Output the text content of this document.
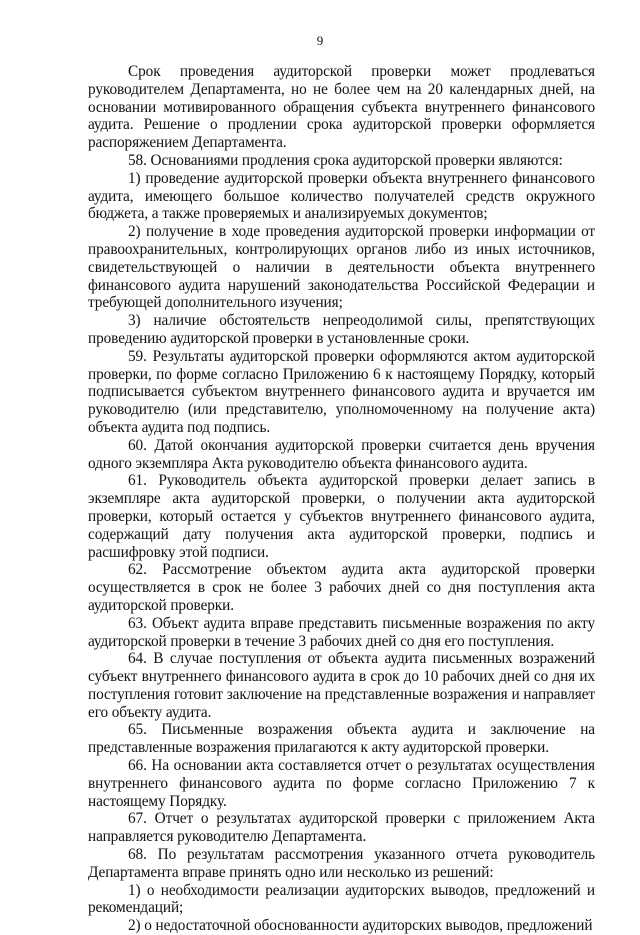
9

Срок проведения аудиторской проверки может продлеваться руководителем Департамента, но не более чем на 20 календарных дней, на основании мотивированного обращения субъекта внутреннего финансового аудита. Решение о продлении срока аудиторской проверки оформляется распоряжением Департамента.

58. Основаниями продления срока аудиторской проверки являются:

1) проведение аудиторской проверки объекта внутреннего финансового аудита, имеющего большое количество получателей средств окружного бюджета, а также проверяемых и анализируемых документов;

2) получение в ходе проведения аудиторской проверки информации от правоохранительных, контролирующих органов либо из иных источников, свидетельствующей о наличии в деятельности объекта внутреннего финансового аудита нарушений законодательства Российской Федерации и требующей дополнительного изучения;

3) наличие обстоятельств непреодолимой силы, препятствующих проведению аудиторской проверки в установленные сроки.

59. Результаты аудиторской проверки оформляются актом аудиторской проверки, по форме согласно Приложению 6 к настоящему Порядку, который подписывается субъектом внутреннего финансового аудита и вручается им руководителю (или представителю, уполномоченному на получение акта) объекта аудита под подпись.

60. Датой окончания аудиторской проверки считается день вручения одного экземпляра Акта руководителю объекта финансового аудита.

61. Руководитель объекта аудиторской проверки делает запись в экземпляре акта аудиторской проверки, о получении акта аудиторской проверки, который остается у субъектов внутреннего финансового аудита, содержащий дату получения акта аудиторской проверки, подпись и расшифровку этой подписи.

62. Рассмотрение объектом аудита акта аудиторской проверки осуществляется в срок не более 3 рабочих дней со дня поступления акта аудиторской проверки.

63. Объект аудита вправе представить письменные возражения по акту аудиторской проверки в течение 3 рабочих дней со дня его поступления.

64. В случае поступления от объекта аудита письменных возражений субъект внутреннего финансового аудита в срок до 10 рабочих дней со дня их поступления готовит заключение на представленные возражения и направляет его объекту аудита.

65. Письменные возражения объекта аудита и заключение на представленные возражения прилагаются к акту аудиторской проверки.

66. На основании акта составляется отчет о результатах осуществления внутреннего финансового аудита по форме согласно Приложению 7 к настоящему Порядку.

67. Отчет о результатах аудиторской проверки с приложением Акта направляется руководителю Департамента.

68. По результатам рассмотрения указанного отчета руководитель Департамента вправе принять одно или несколько из решений:

1) о необходимости реализации аудиторских выводов, предложений и рекомендаций;

2) о недостаточной обоснованности аудиторских выводов, предложений
